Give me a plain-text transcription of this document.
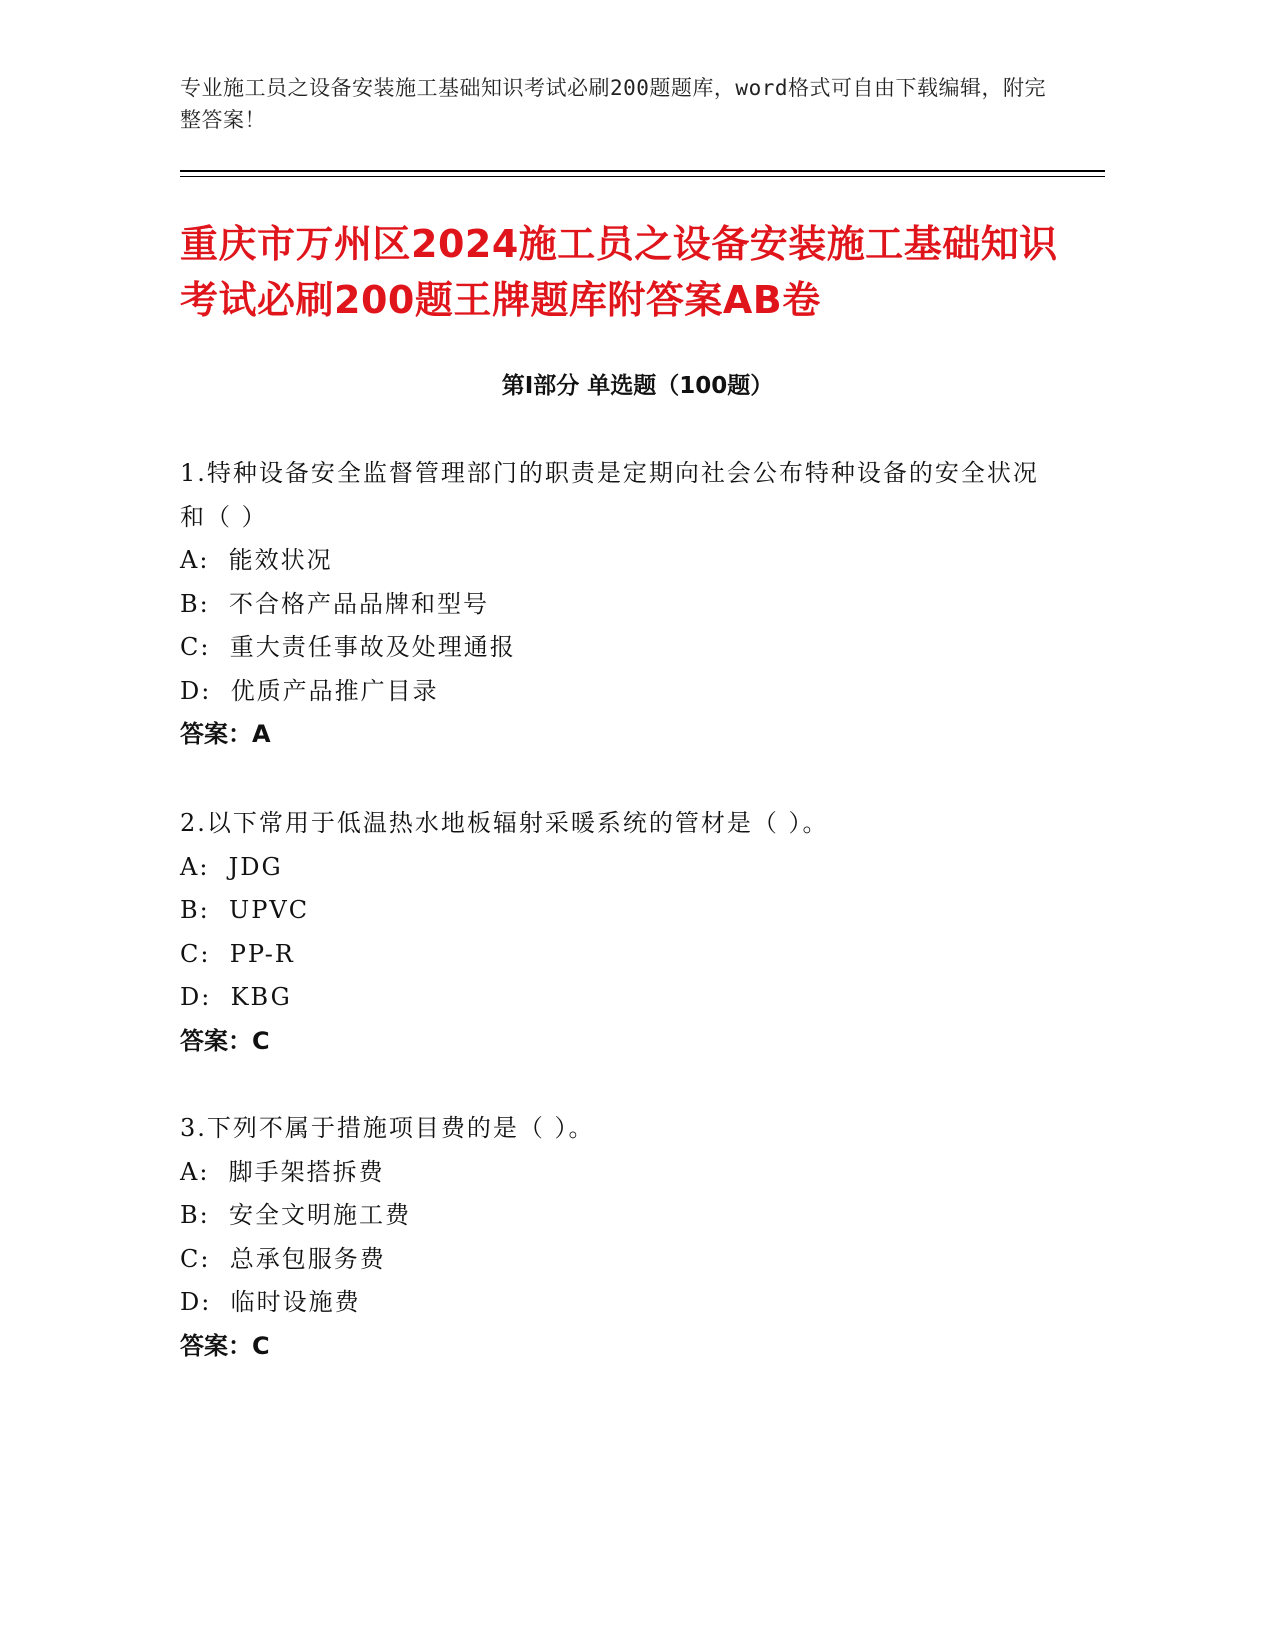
专业施工员之设备安装施工基础知识考试必刷200题题库，word格式可自由下载编辑，附完整答案！
重庆市万州区2024施工员之设备安装施工基础知识考试必刷200题王牌题库附答案AB卷
第I部分 单选题（100题）

1.特种设备安全监督管理部门的职责是定期向社会公布特种设备的安全状况和（ ）

A:  能效状况

B:  不合格产品品牌和型号

C:  重大责任事故及处理通报

D:  优质产品推广目录

答案：A

2.以下常用于低温热水地板辐射采暖系统的管材是（ ）。

A:  JDG

B:  UPVC

C:  PP-R

D:  KBG

答案：C

3.下列不属于措施项目费的是（ ）。

A:  脚手架搭拆费

B:  安全文明施工费

C:  总承包服务费

D:  临时设施费

答案：C
